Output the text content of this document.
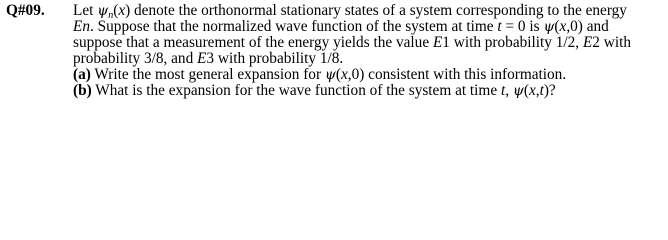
Q#09. Let $\psi_n(x)$ denote the orthonormal stationary states of a system corresponding to the energy
En. Suppose that the normalized wave function of the system at time t = 0 is ψ(x,0) and
suppose that a measurement of the energy yields the value E1 with probability 1/2, E2 with
probability 3/8, and E3 with probability 1/8.
(a) Write the most general expansion for ψ(x,0) consistent with this information.
(b) What is the expansion for the wave function of the system at time t, ψ(x,t)?
